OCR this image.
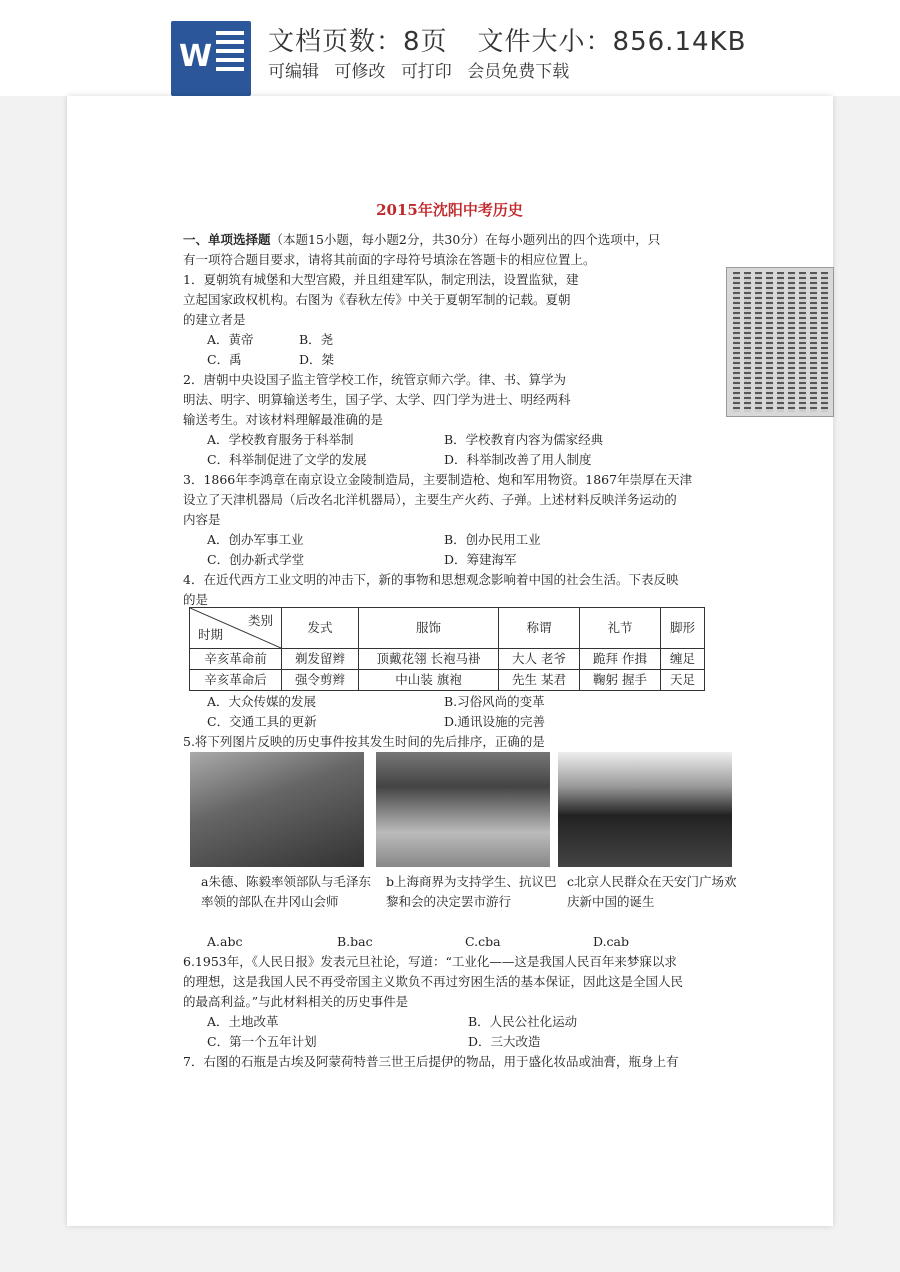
W 文档页数：8页 文件大小：856.14KB
可编辑 可修改 可打印 会员免费下载
2015年沈阳中考历史
一、单项选择题（本题15小题，每小题2分，共30分）在每小题列出的四个选项中，只
有一项符合题目要求，请将其前面的字母符号填涂在答题卡的相应位置上。
1．夏朝筑有城堡和大型宫殿，并且组建军队，制定刑法，设置监狱，建
立起国家政权机构。右图为《春秋左传》中关于夏朝军制的记载。夏朝
的建立者是
A．黄帝	B．尧
C．禹	D．桀
2．唐朝中央设国子监主管学校工作，统管京师六学。律、书、算学为
明法、明字、明算输送考生，国子学、太学、四门学为进士、明经两科
输送考生。对该材料理解最准确的是
A．学校教育服务于科举制	B．学校教育内容为儒家经典
C．科举制促进了文学的发展	D．科举制改善了用人制度
3．1866年李鸿章在南京设立金陵制造局，主要制造枪、炮和军用物资。1867年崇厚在天津
设立了天津机器局（后改名北洋机器局），主要生产火药、子弹。上述材料反映洋务运动的
内容是
A．创办军事工业	B．创办民用工业
C．创办新式学堂	D．筹建海军
4．在近代西方工业文明的冲击下，新的事物和思想观念影响着中国的社会生活。下表反映
的是
类别
时期	发式	服饰	称谓	礼节	脚形
辛亥革命前	剃发留辫	顶戴花翎 长袍马褂	大人 老爷	跪拜 作揖	缠足
辛亥革命后	强令剪辫	中山装 旗袍	先生 某君	鞠躬 握手	天足
A．大众传媒的发展	B.习俗风尚的变革
C．交通工具的更新	D.通讯设施的完善
5.将下列图片反映的历史事件按其发生时间的先后排序，正确的是
a朱德、陈毅率领部队与毛泽东率领的部队在井冈山会师
b上海商界为支持学生、抗议巴黎和会的决定罢市游行
c北京人民群众在天安门广场欢庆新中国的诞生
A.abc	B.bac	C.cba	D.cab
6.1953年，《人民日报》发表元旦社论，写道：“工业化——这是我国人民百年来梦寐以求
的理想，这是我国人民不再受帝国主义欺负不再过穷困生活的基本保证，因此这是全国人民
的最高利益。”与此材料相关的历史事件是
A．土地改革	B．人民公社化运动
C．第一个五年计划	D．三大改造
7．右图的石瓶是古埃及阿蒙荷特普三世王后提伊的物品，用于盛化妆品或油膏，瓶身上有
